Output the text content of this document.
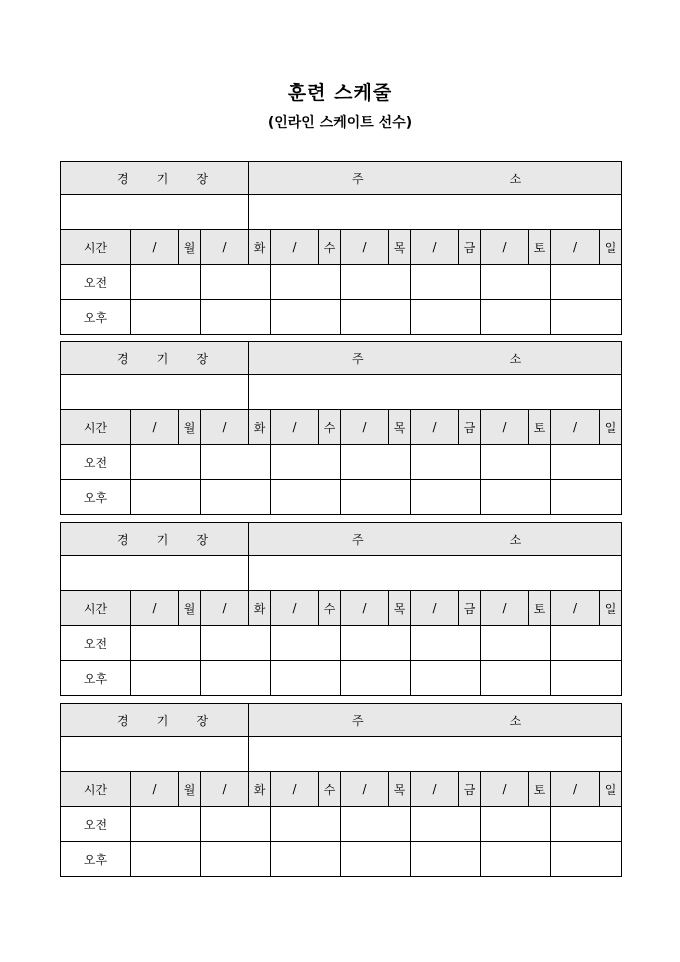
훈련 스케줄
(인라인 스케이트 선수)
경 기 장				주 소										

시간	/	월	/	화	/	수	/	목	/	금	/	토	/	일
오전														
오후														
경 기 장				주 소										

시간	/	월	/	화	/	수	/	목	/	금	/	토	/	일
오전														
오후														
경 기 장				주 소										

시간	/	월	/	화	/	수	/	목	/	금	/	토	/	일
오전														
오후														
경 기 장				주 소										

시간	/	월	/	화	/	수	/	목	/	금	/	토	/	일
오전														
오후														
